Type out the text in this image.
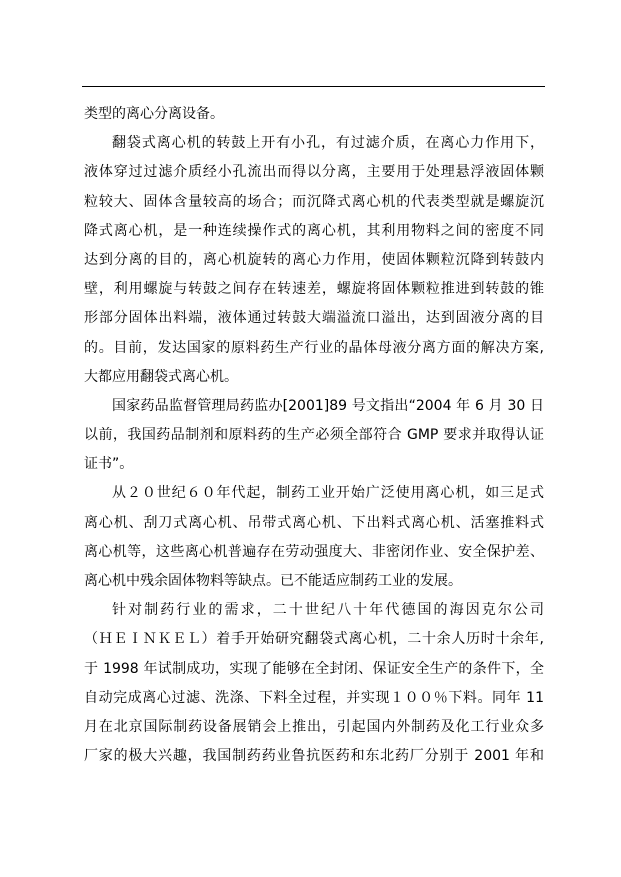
类型的离心分离设备。
翻袋式离心机的转鼓上开有小孔，有过滤介质，在离心力作用下，
液体穿过过滤介质经小孔流出而得以分离，主要用于处理悬浮液固体颗
粒较大、固体含量较高的场合；而沉降式离心机的代表类型就是螺旋沉
降式离心机，是一种连续操作式的离心机，其利用物料之间的密度不同
达到分离的目的，离心机旋转的离心力作用，使固体颗粒沉降到转鼓内
壁，利用螺旋与转鼓之间存在转速差，螺旋将固体颗粒推进到转鼓的锥
形部分固体出料端，液体通过转鼓大端溢流口溢出，达到固液分离的目
的。目前，发达国家的原料药生产行业的晶体母液分离方面的解决方案,
大都应用翻袋式离心机。
国家药品监督管理局药监办[2001]89 号文指出“2004 年 6 月 30 日
以前，我国药品制剂和原料药的生产必须全部符合 GMP 要求并取得认证
证书”。
从２０世纪６０年代起，制药工业开始广泛使用离心机，如三足式
离心机、刮刀式离心机、吊带式离心机、下出料式离心机、活塞推料式
离心机等，这些离心机普遍存在劳动强度大、非密闭作业、安全保护差、
离心机中残余固体物料等缺点。已不能适应制药工业的发展。
针对制药行业的需求，二十世纪八十年代德国的海因克尔公司
（ＨＥＩＮＫＥＬ）着手开始研究翻袋式离心机，二十余人历时十余年,
于 1998 年试制成功，实现了能够在全封闭、保证安全生产的条件下，全
自动完成离心过滤、洗涤、下料全过程，并实现１００％下料。同年 11
月在北京国际制药设备展销会上推出，引起国内外制药及化工行业众多
厂家的极大兴趣，我国制药药业鲁抗医药和东北药厂分别于 2001 年和
